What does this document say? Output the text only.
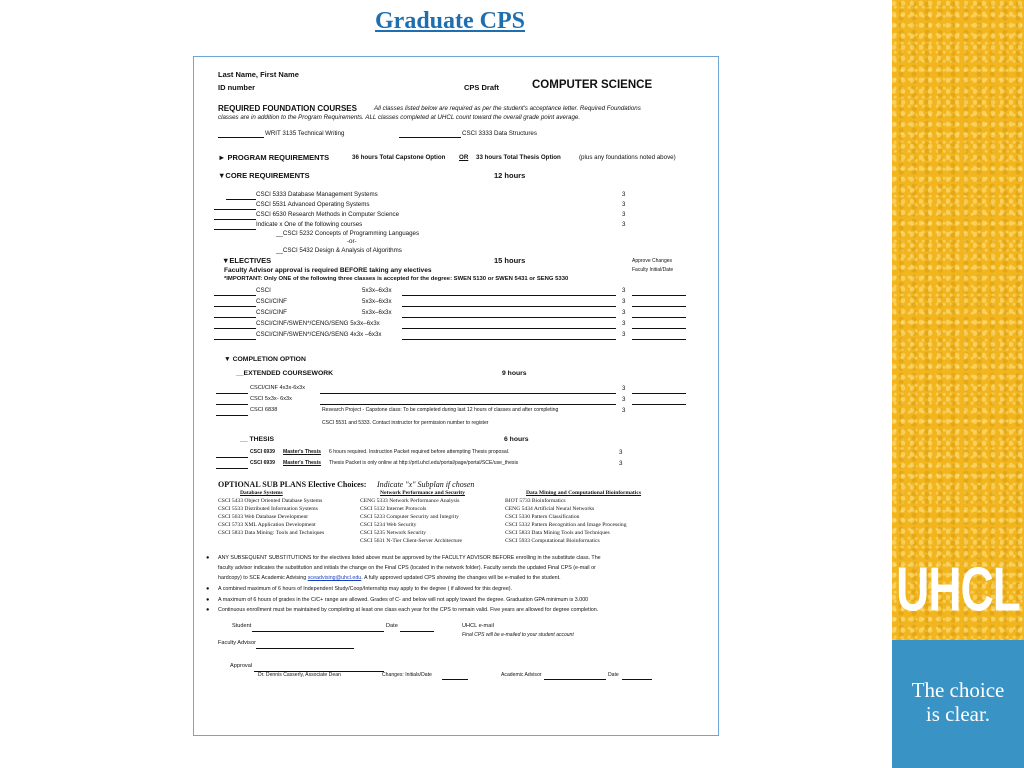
Graduate CPS
Last Name, First Name
ID number	CPS Draft	COMPUTER SCIENCE
REQUIRED FOUNDATION COURSES	All classes listed below are required as per the student's acceptance letter. Required Foundations
classes are in addition to the Program Requirements. ALL classes completed at UHCL count toward the overall grade point average.
WRIT 3135 Technical Writing	CSCI 3333 Data Structures
► PROGRAM REQUIREMENTS	36 hours Total Capstone Option OR 33 hours Total Thesis Option	(plus any foundations noted above)
▼CORE REQUIREMENTS	12 hours
CSCI 5333 Database Management Systems	3
CSCI 5531 Advanced Operating Systems	3
CSCI 6530 Research Methods in Computer Science	3
Indicate x One of the following courses	3
__CSCI 5232 Concepts of Programming Languages
-or-
__CSCI 5432 Design & Analysis of Algorithms
▼ELECTIVES	15 hours	Approve Changes
Faculty Initial/Date
Faculty Advisor approval is required BEFORE taking any electives
*IMPORTANT: Only ONE of the following three classes is accepted for the degree: SWEN 5130 or SWEN 5431 or SENG 5330
CSCI	5x3x–6x3x	3
CSCI/CINF	5x3x–6x3x	3
CSCI/CINF	5x3x–6x3x	3
CSCI/CINF/SWEN*/CENG/SENG 5x3x–6x3x	3
CSCI/CINF/SWEN*/CENG/SENG 4x3x –6x3x	3
▼ COMPLETION OPTION
__EXTENDED COURSEWORK	9 hours
CSCI/CINF 4x3x-6x3x	3
CSCI 5x3x- 6x3x	3
CSCI 6838	Research Project - Capstone class: To be completed during last 12 hours of classes and after completing	3
CSCI 5531 and 5333. Contact instructor for permission number to register
__ THESIS	6 hours
CSCI 6939 Master's Thesis 6 hours required. Instruction Packet required before attempting Thesis proposal.	3
CSCI 6939 Master's Thesis Thesis Packet is only online at http://prtl.uhcl.edu/portal/page/portal/SCE/use_thesis	3
OPTIONAL SUB PLANS Elective Choices: Indicate "x" Subplan if chosen
Database Systems
CSCI 5433 Object Oriented Database Systems
CSCI 5533 Distributed Information Systems
CSCI 5633 Web Database Development
CSCI 5733 XML Application Development
CSCI 5833 Data Mining: Tools and Techniques
Network Performance and Security
CENG 5333 Network Performance Analysis
CSCI 5132 Internet Protocols
CSCI 5233 Computer Security and Integrity
CSCI 5234 Web Security
CSCI 5235 Network Security
CSCI 5631 N-Tier Client-Server Architecture
Data Mining and Computational Bioinformatics
BIOT 5733 Bioinformatics
CENG 5434 Artificial Neural Networks
CSCI 5330 Pattern Classification
CSCI 5332 Pattern Recognition and Image Processing
CSCI 5833 Data Mining Tools and Techniques
CSCI 5933 Computational Bioinformatics
● ANY SUBSEQUENT SUBSTITUTIONS for the electives listed above must be approved by the FACULTY ADVISOR BEFORE enrolling in the substitute class. The
faculty advisor indicates the substitution and initials the change on the Final CPS (located in the network folder). Faculty sends the updated Final CPS (e-mail or
hardcopy) to SCE Academic Advising sceadvising@uhcl.edu. A fully approved updated CPS showing the changes will be e-mailed to the student.
● A combined maximum of 6 hours of Independent Study/Coop/Internship may apply to the degree ( if allowed for this degree).
● A maximum of 6 hours of grades in the C/C+ range are allowed. Grades of C- and below will not apply toward the degree. Graduation GPA minimum is 3.000
● Continuous enrollment must be maintained by completing at least one class each year for the CPS to remain valid. Five years are allowed for degree completion.
Student	Date	UHCL e-mail
Final CPS will be e-mailed to your student account
Faculty Advisor
Approval
Dr. Dennis Casserly, Associate Dean	Changes: Initials/Date	Academic Advisor	Date
UHCL
The choice
is clear.
